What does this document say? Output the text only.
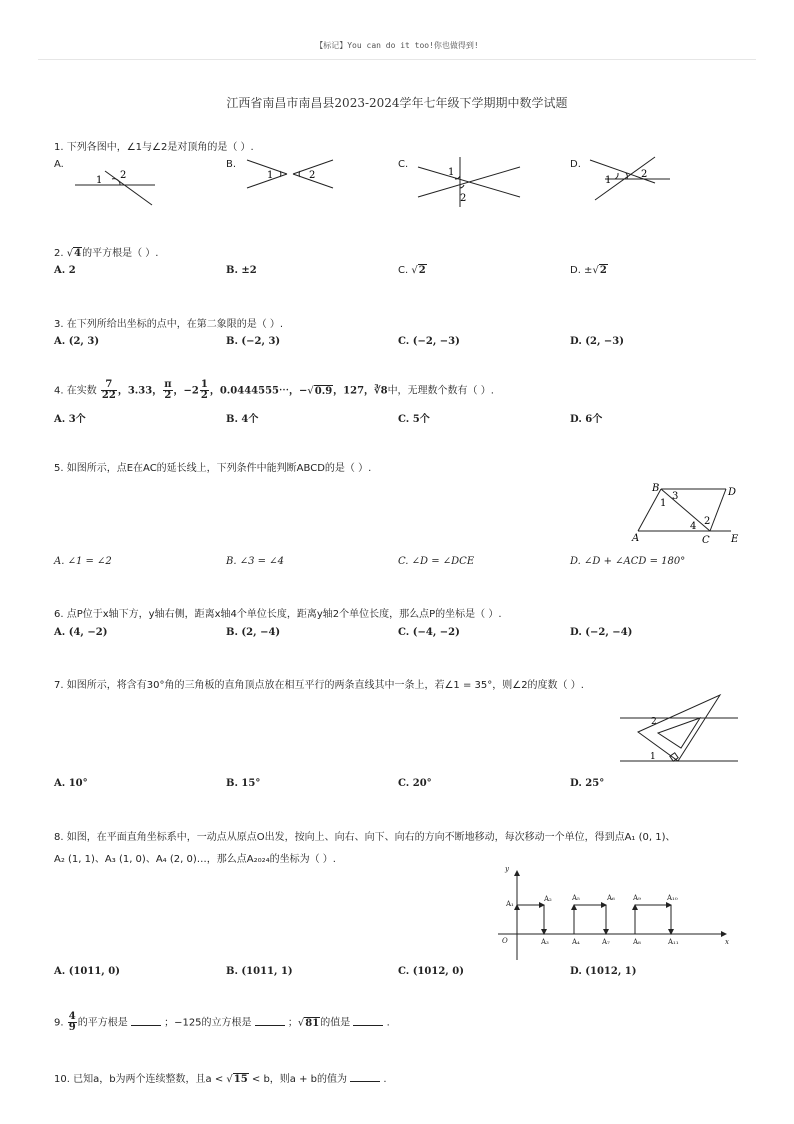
【标记】You can do it too!你也做得到!
江西省南昌市南昌县2023-2024学年七年级下学期期中数学试题
1. 下列各图中，∠1与∠2是对顶角的是（ ）.
A.	B.	C.	D.
1 2	1	2	1
2
1
2
2. √4的平方根是（ ）.
A. 2	B. ±2	C. √2	D. ±√2
3. 在下列所给出坐标的点中，在第二象限的是（ ）.
A. (2, 3)	B. (−2, 3)	C. (−2, −3)	D. (2, −3)
4. 在实数 $\frac{7}{22}$ ，3.33， $\frac{\pi}{2}$ ，$-2 \frac{1}{2}$ ，0.0444555⋯，−√0.9，127，∛8中，无理数个数有（ ）.
A. 3个	B. 4个	C. 5个	D. 6个
5. 如图所示，点E在AC的延长线上，下列条件中能判断ABCD的是（ ）.
A
B
C
D
E
1
2
3
4
A. ∠1 = ∠2	B. ∠3 = ∠4	C. ∠D = ∠DCE	D. ∠D + ∠ACD = 180°
6. 点P位于x轴下方，y轴右侧，距离x轴4个单位长度，距离y轴2个单位长度，那么点P的坐标是（ ）.
A. (4, −2)	B. (2, −4)	C. (−4, −2)	D. (−2, −4)
7. 如图所示，将含有30°角的三角板的直角顶点放在相互平行的两条直线其中一条上，若∠1 = 35°，则∠2的度数（ ）.
2
1
A. 10°	B. 15°	C. 20°	D. 25°
8. 如图，在平面直角坐标系中，一动点从原点O出发，按向上、向右、向下、向右的方向不断地移动，每次移动一个单位，得到点A₁ (0, 1)、
A₂ (1, 1)、A₃ (1, 0)、A₄ (2, 0)…，那么点A₂₀₂₄的坐标为（ ）.
y
x
O
A₁
A₂
A₃	A₄
A₅	A₆
A₇	A₈
A₉	A₁₀
A₁₁
A. (1011, 0)	B. (1011, 1)	C. (1012, 0)	D. (1012, 1)
9. $\frac{4}{9}$ 的平方根是	；−125的立方根是	；√81的值是	.
10. 已知a，b为两个连续整数，且a < √15 < b，则a + b的值为	.
